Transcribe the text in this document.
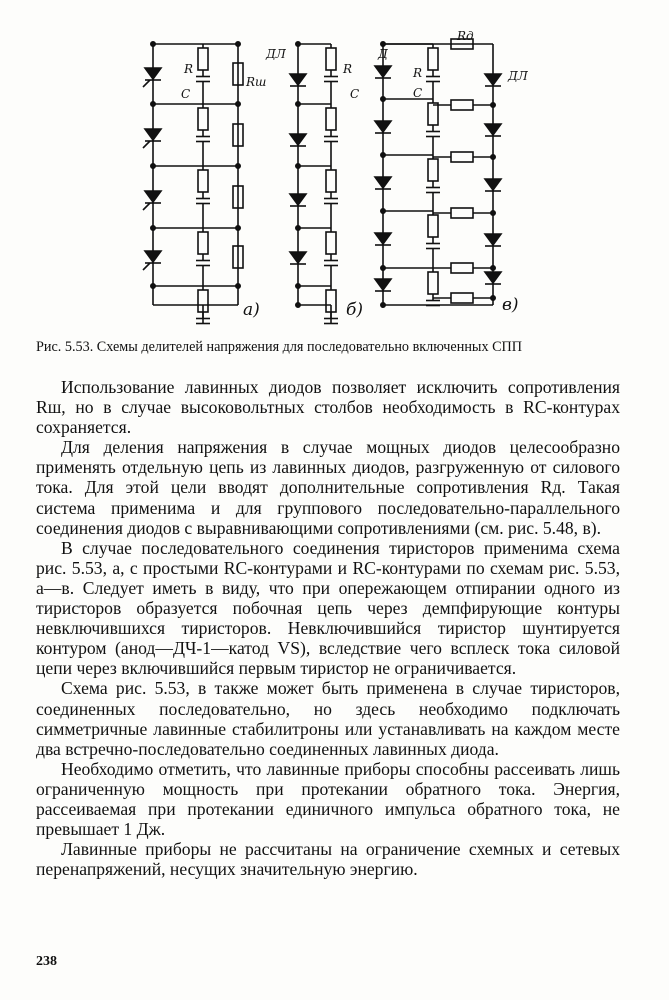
R
C
Rш
ДЛ
R
C
Д
Rд
R
C
ДЛ
а)	б)	в)
Рис. 5.53. Схемы делителей напряжения для последовательно включенных СПП

Использование лавинных диодов позволяет исключить сопротивления Rш, но в случае высоковольтных столбов необходимость в RC-контурах сохраняется.

Для деления напряжения в случае мощных диодов целесообразно применять отдельную цепь из лавинных диодов, разгруженную от силового тока. Для этой цели вводят дополнительные сопротивления Rд. Такая система применима и для группового последовательно-параллельного соединения диодов с выравнивающими сопротивлениями (см. рис. 5.48, в).

В случае последовательного соединения тиристоров применима схема рис. 5.53, а, с простыми RC-контурами и RC-контурами по схемам рис. 5.53, а—в. Следует иметь в виду, что при опережающем отпирании одного из тиристоров образуется побочная цепь через демпфирующие контуры невключившихся тиристоров. Невключившийся тиристор шунтируется контуром (анод—ДЧ-1—катод VS), вследствие чего всплеск тока силовой цепи через включившийся первым тиристор не ограничивается.

Схема рис. 5.53, в также может быть применена в случае тиристоров, соединенных последовательно, но здесь необходимо подключать симметричные лавинные стабилитроны или устанавливать на каждом месте два встречно-последовательно соединенных лавинных диода.

Необходимо отметить, что лавинные приборы способны рассеивать лишь ограниченную мощность при протекании обратного тока. Энергия, рассеиваемая при протекании единичного импульса обратного тока, не превышает 1 Дж.

Лавинные приборы не рассчитаны на ограничение схемных и сетевых перенапряжений, несущих значительную энергию.

238
